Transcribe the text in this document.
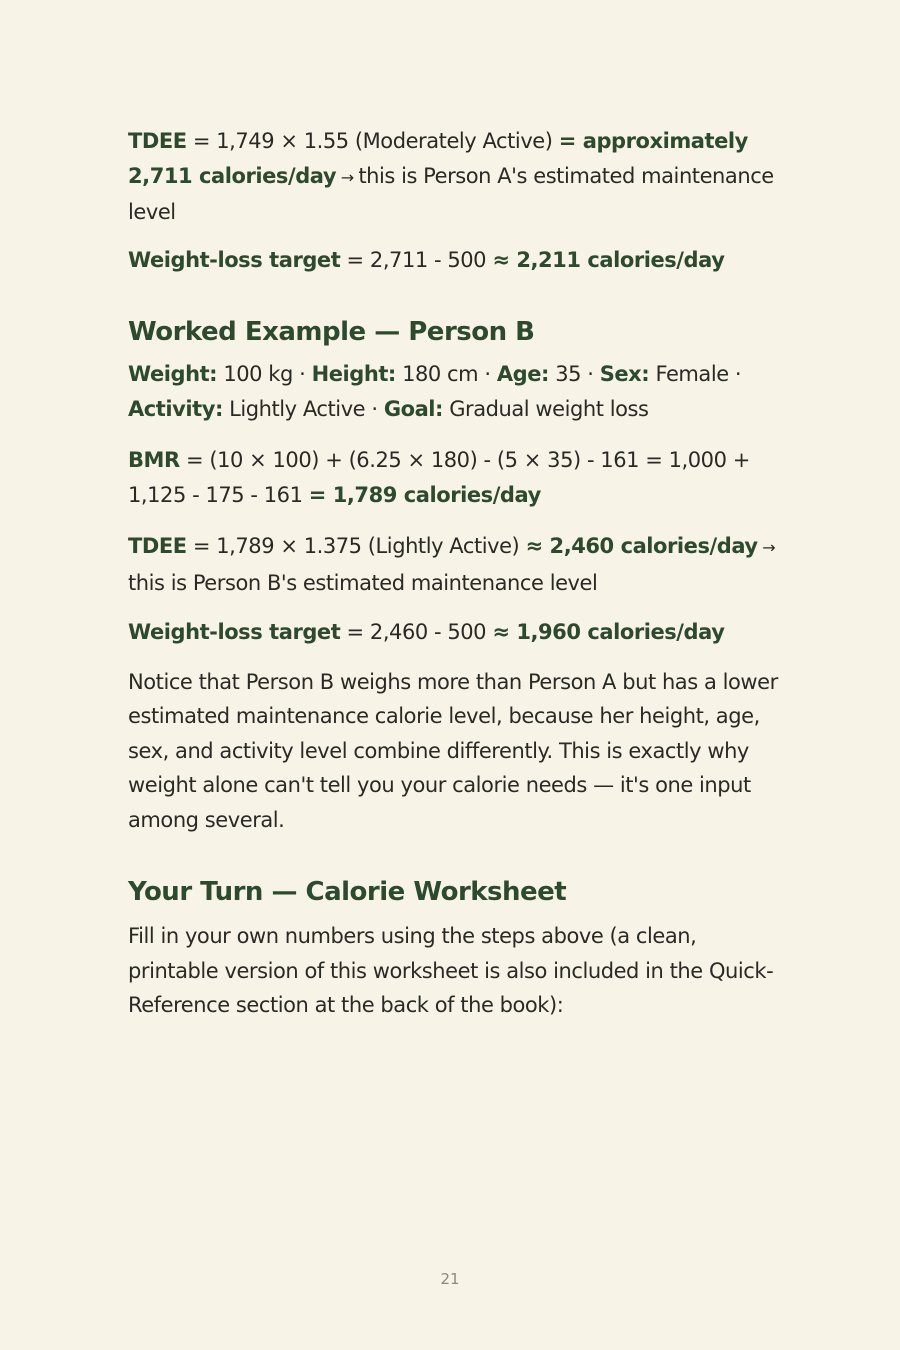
TDEE = 1,749 × 1.55 (Moderately Active) = approximately 2,711 calories/day → this is Person A's estimated maintenance level

Weight-loss target = 2,711 - 500 ≈ 2,211 calories/day

Worked Example — Person B

Weight: 100 kg · Height: 180 cm · Age: 35 · Sex: Female · Activity: Lightly Active · Goal: Gradual weight loss

BMR = (10 × 100) + (6.25 × 180) - (5 × 35) - 161 = 1,000 + 1,125 - 175 - 161 = 1,789 calories/day

TDEE = 1,789 × 1.375 (Lightly Active) ≈ 2,460 calories/day → this is Person B's estimated maintenance level

Weight-loss target = 2,460 - 500 ≈ 1,960 calories/day

Notice that Person B weighs more than Person A but has a lower estimated maintenance calorie level, because her height, age, sex, and activity level combine differently. This is exactly why weight alone can't tell you your calorie needs — it's one input among several.

Your Turn — Calorie Worksheet

Fill in your own numbers using the steps above (a clean, printable version of this worksheet is also included in the Quick-Reference section at the back of the book):

21
